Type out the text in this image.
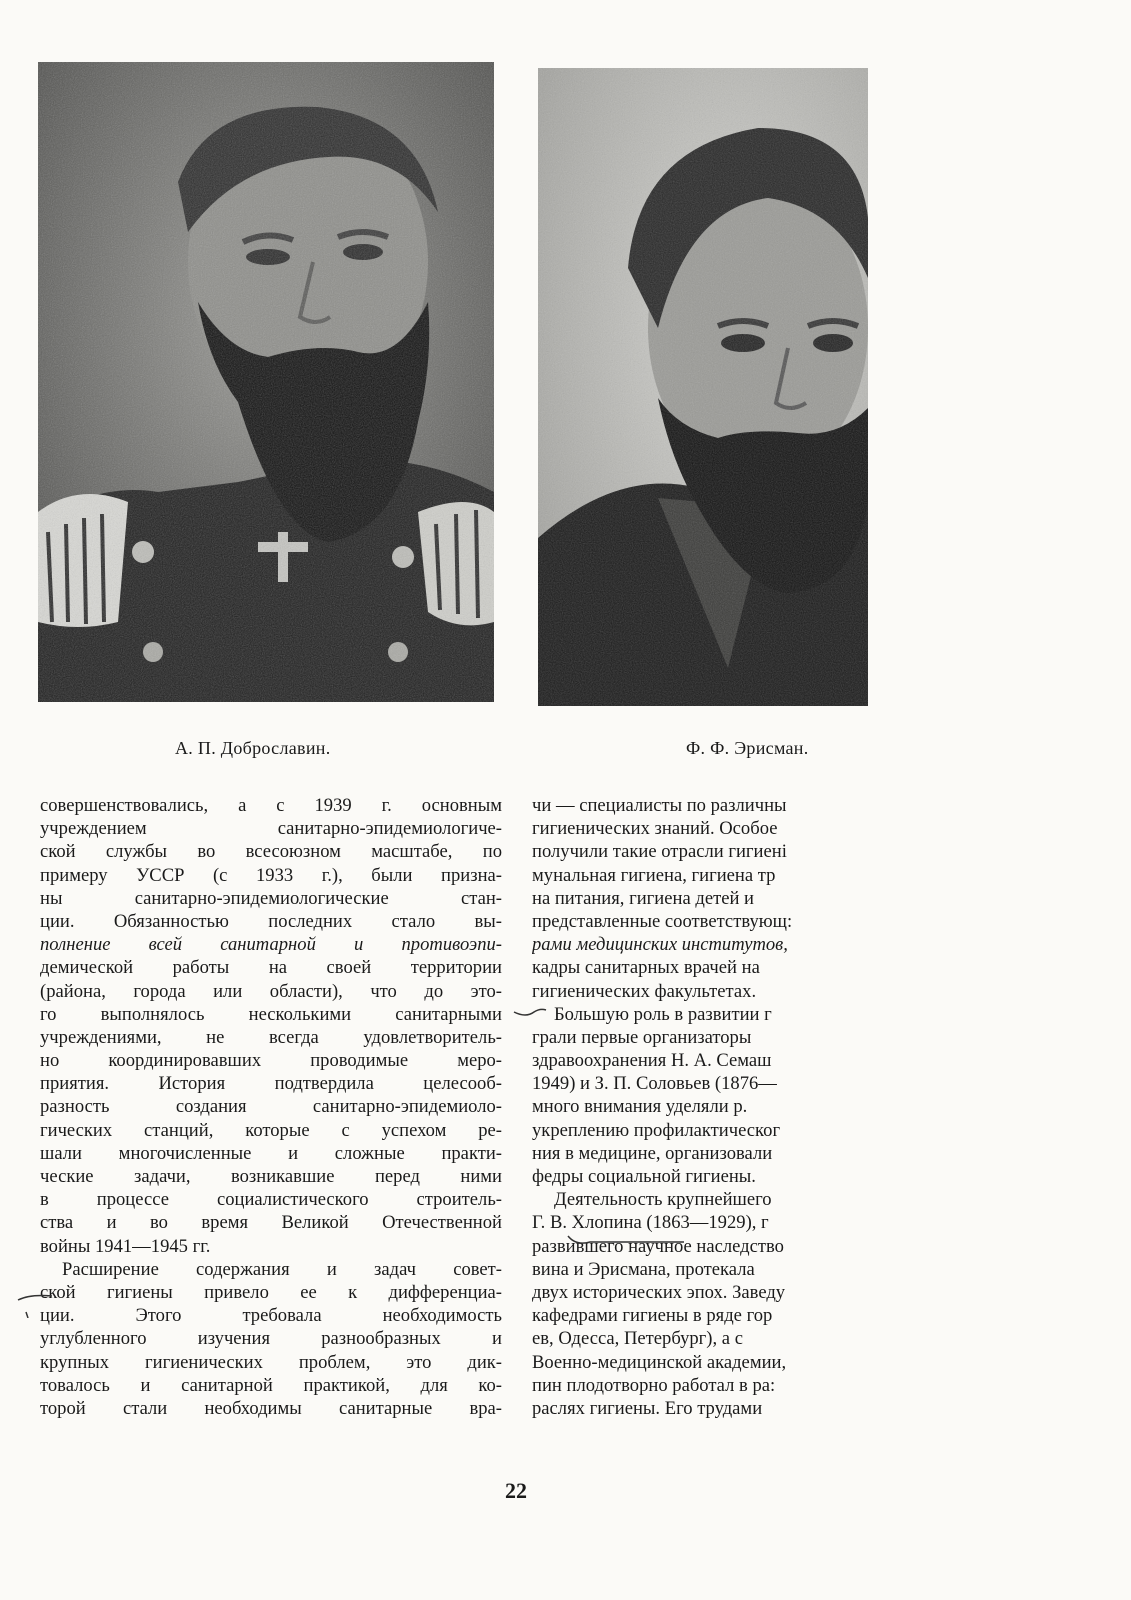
А. П. Доброславин.	Ф. Ф. Эрисман.
совершенствовались, а с 1939 г. основным
учреждением санитарно-эпидемиологиче-
ской службы во всесоюзном масштабе, по
примеру УССР (с 1933 г.), были призна-
ны санитарно-эпидемиологические стан-
ции. Обязанностью последних стало вы-
полнение всей санитарной и противоэпи-
демической работы на своей территории
(района, города или области), что до это-
го выполнялось несколькими санитарными
учреждениями, не всегда удовлетворитель-
но координировавших проводимые меро-
приятия. История подтвердила целесооб-
разность создания санитарно-эпидемиоло-
гических станций, которые с успехом ре-
шали многочисленные и сложные практи-
ческие задачи, возникавшие перед ними
в процессе социалистического строитель-
ства и во время Великой Отечественной
войны 1941—1945 гг.
Расширение содержания и задач совет-
ской гигиены привело ее к дифференциа-
ции. Этого требовала необходимость
углубленного изучения разнообразных и
крупных гигиенических проблем, это дик-
товалось и санитарной практикой, для ко-
торой стали необходимы санитарные вра-
чи — специалисты по различны
гигиенических знаний. Особое
получили такие отрасли гигиені
мунальная гигиена, гигиена тр
на питания, гигиена детей и
представленные соответствующ:
рами медицинских институтов,
кадры санитарных врачей на
гигиенических факультетах.
Большую роль в развитии г
грали первые организаторы
здравоохранения Н. А. Семаш
1949) и З. П. Соловьев (1876—
много внимания уделяли р.
укреплению профилактическог
ния в медицине, организовали
федры социальной гигиены.
Деятельность крупнейшего
Г. В. Хлопина (1863—1929), г
развившего научное наследство
вина и Эрисмана, протекала
двух исторических эпох. Заведу
кафедрами гигиены в ряде гор
ев, Одесса, Петербург), а с
Военно-медицинской академии,
пин плодотворно работал в ра:
раслях гигиены. Его трудами
22
